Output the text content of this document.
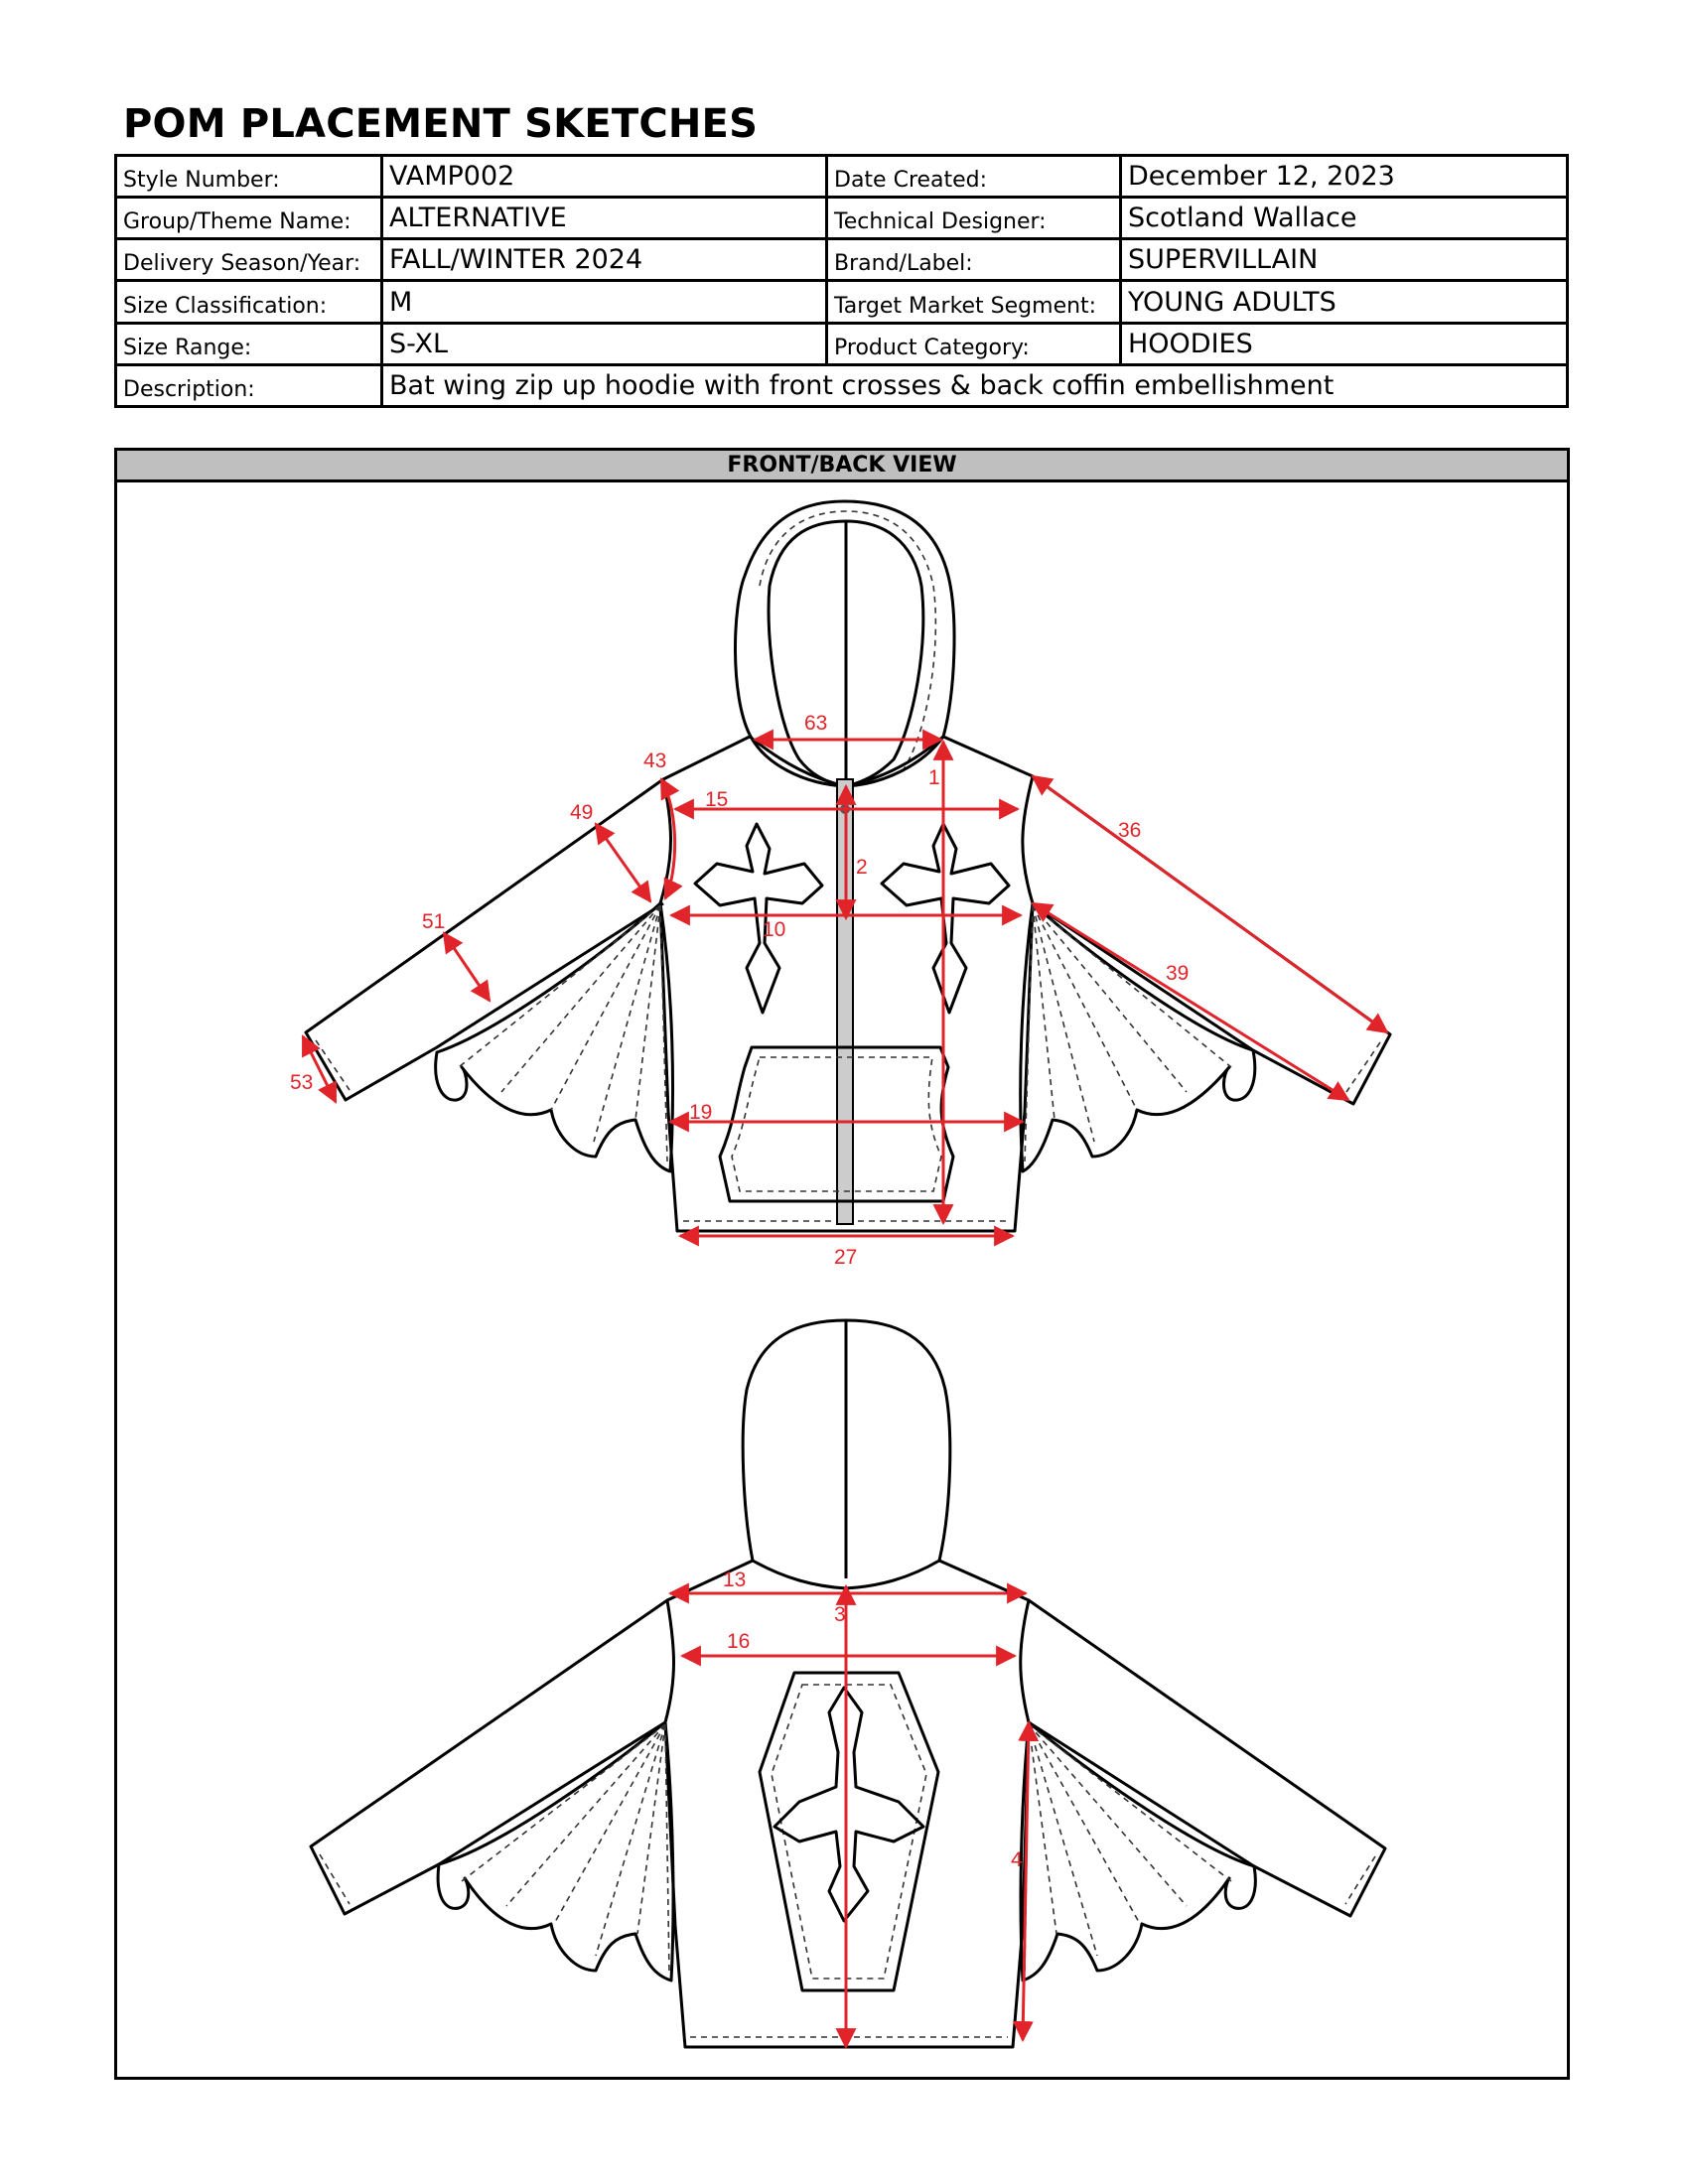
POM PLACEMENT SKETCHES
Style Number:	VAMP002	Date Created:	December 12, 2023
Group/Theme Name:	ALTERNATIVE	Technical Designer:	Scotland Wallace
Delivery Season/Year:	FALL/WINTER 2024	Brand/Label:	SUPERVILLAIN
Size Classification:	M	Target Market Segment:	YOUNG ADULTS
Size Range:	S-XL	Product Category:	HOODIES
Description:	Bat wing zip up hoodie with front crosses & back coffin embellishment		
FRONT/BACK VIEW
63
43
1
15
49
36
2
51	10
39
53
19
27
13
3
16
4
